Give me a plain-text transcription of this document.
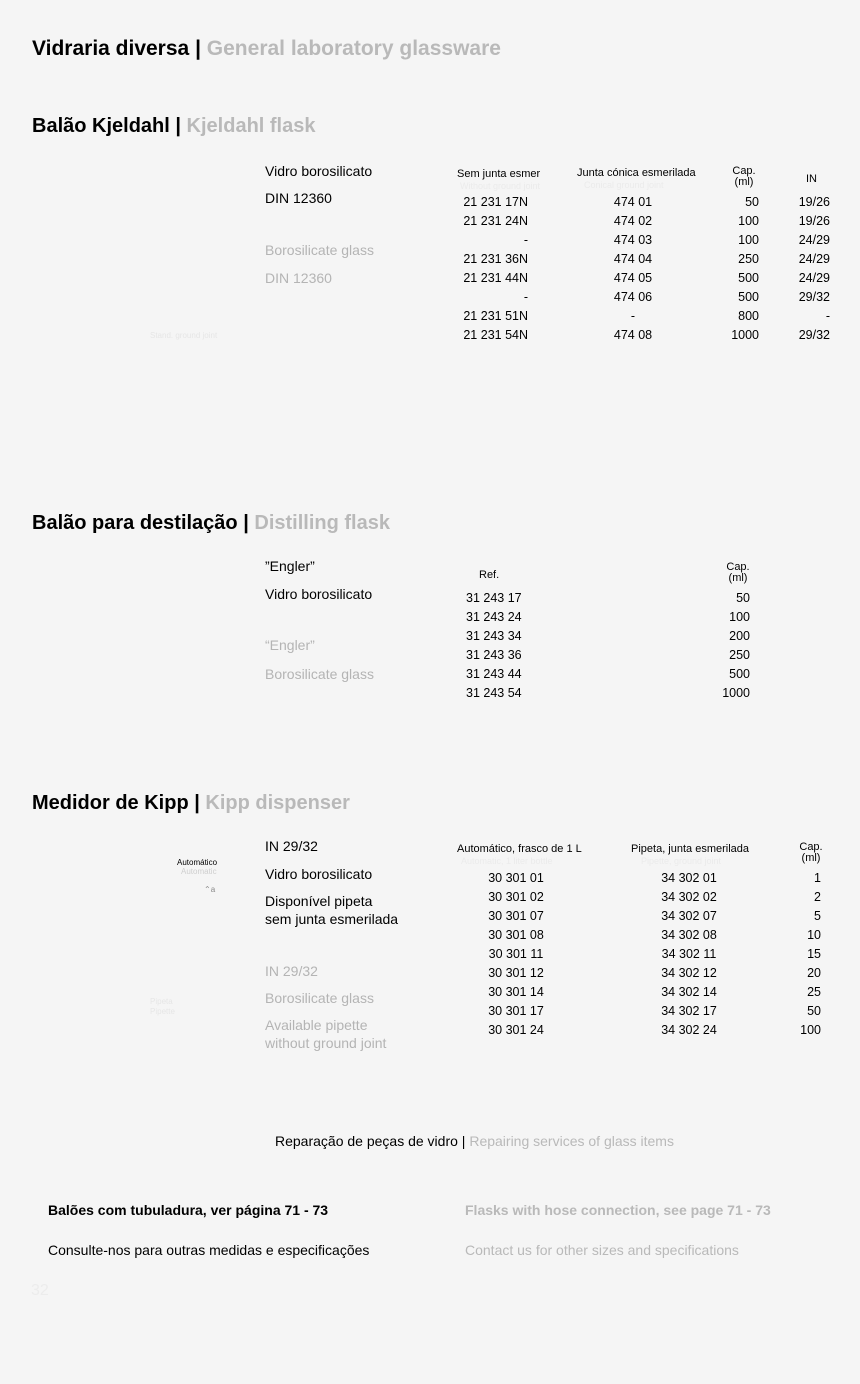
Vidraria diversa | General laboratory glassware
Balão Kjeldahl | Kjeldahl flask
Vidro borosilicato
DIN 12360
Borosilicate glass
DIN 12360
Stand. ground joint
Sem junta esmer
Without ground joint
Junta cónica esmerilada
Conical ground joint
Cap.
(ml)	IN
21 231 17N	474 01	50	19/26
21 231 24N	474 02	100	19/26
-	474 03	100	24/29
21 231 36N	474 04	250	24/29
21 231 44N	474 05	500	24/29
-	474 06	500	29/32
21 231 51N	-	800	-
21 231 54N	474 08	1000	29/32
Balão para destilação | Distilling flask
”Engler”
Vidro borosilicato
“Engler”
Borosilicate glass
Ref.
Cap.
(ml)
31 243 17	50
31 243 24	100
31 243 34	200
31 243 36	250
31 243 44	500
31 243 54	1000
Medidor de Kipp | Kipp dispenser
IN 29/32
Vidro borosilicato
Disponível pipeta
sem junta esmerilada
IN 29/32
Borosilicate glass
Available pipette
without ground joint
Automático
Automatic
⌃a
Pipeta
Pipette
Automático, frasco de 1 L
Automatic, 1 liter bottle
Pipeta, junta esmerilada
Pipette, ground joint
Cap.
(ml)
30 301 01	34 302 01	1
30 301 02	34 302 02	2
30 301 07	34 302 07	5
30 301 08	34 302 08	10
30 301 11	34 302 11	15
30 301 12	34 302 12	20
30 301 14	34 302 14	25
30 301 17	34 302 17	50
30 301 24	34 302 24	100
Reparação de peças de vidro | Repairing services of glass items
Balões com tubuladura, ver página 71 - 73	Flasks with hose connection, see page 71 - 73
Consulte-nos para outras medidas e especificações	Contact us for other sizes and specifications
32
